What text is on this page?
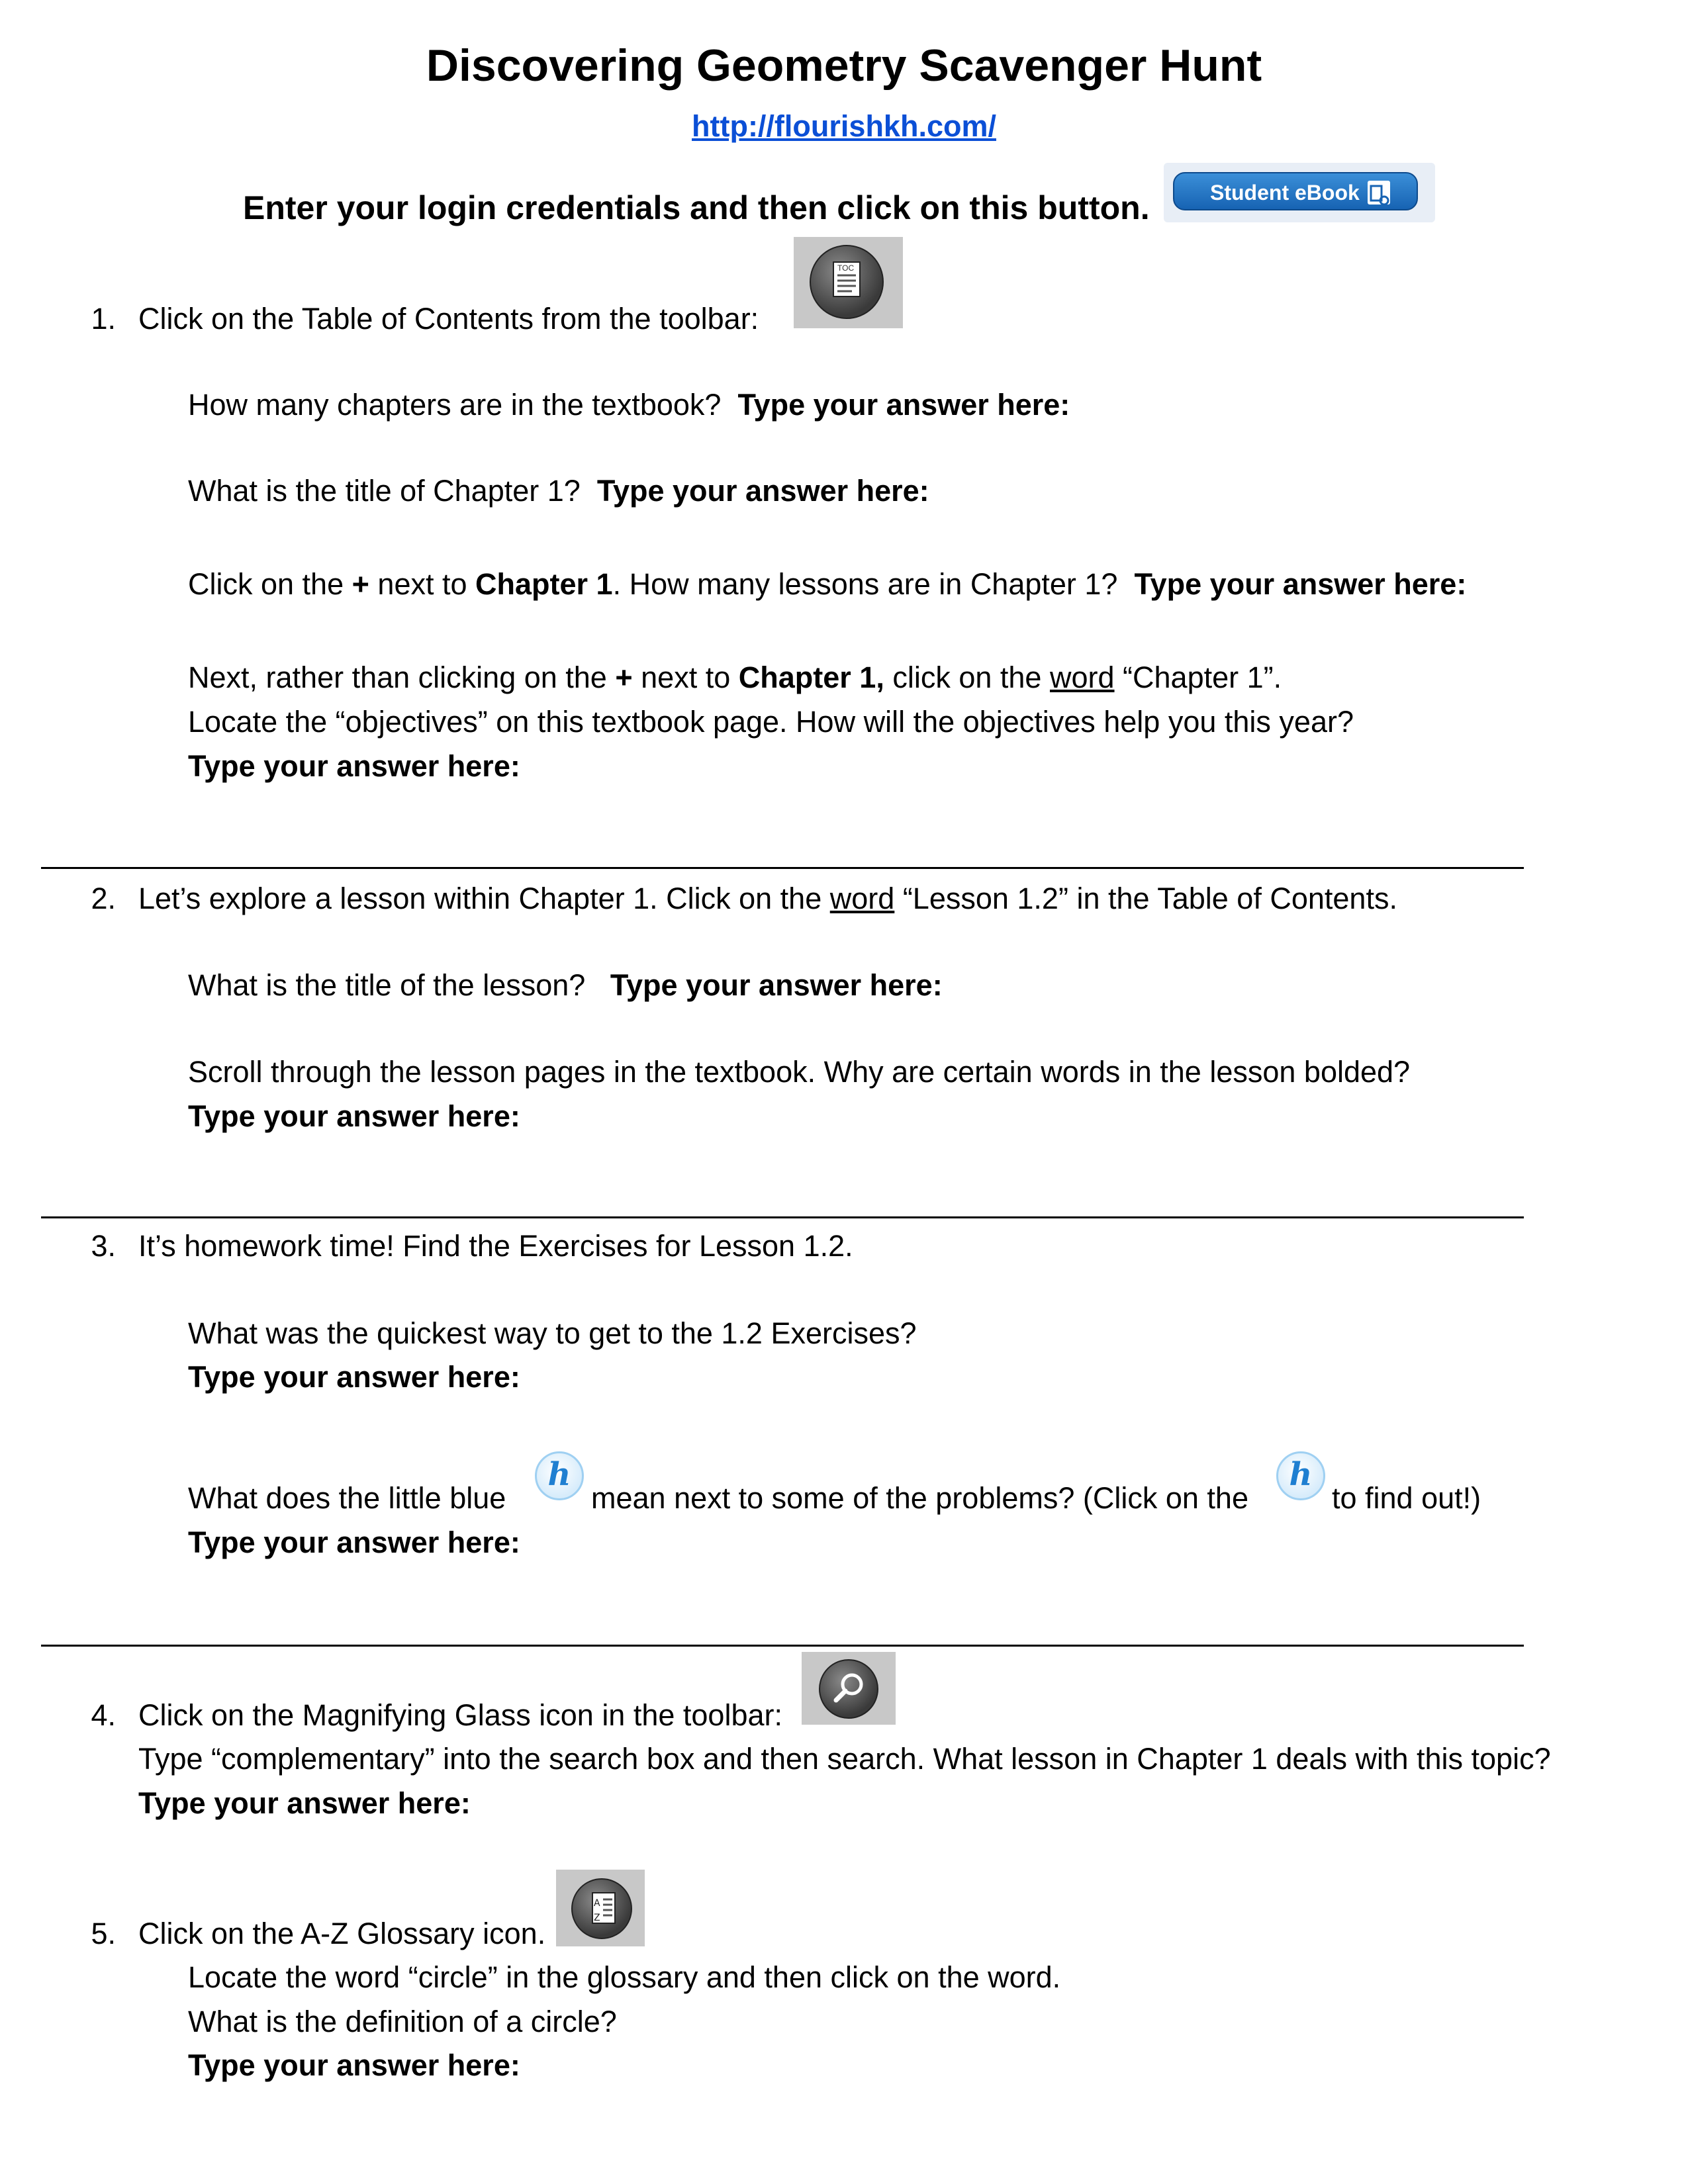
Discovering Geometry Scavenger Hunt
http://flourishkh.com/
Enter your login credentials and then click on this button.	Student eBook
1. Click on the Table of Contents from the toolbar:
TOC
How many chapters are in the textbook? Type your answer here:
What is the title of Chapter 1? Type your answer here:
Click on the + next to Chapter 1. How many lessons are in Chapter 1? Type your answer here:
Next, rather than clicking on the + next to Chapter 1, click on the word “Chapter 1”.
Locate the “objectives” on this textbook page. How will the objectives help you this year?
Type your answer here:
2. Let’s explore a lesson within Chapter 1. Click on the word “Lesson 1.2” in the Table of Contents.
What is the title of the lesson? Type your answer here:
Scroll through the lesson pages in the textbook. Why are certain words in the lesson bolded?
Type your answer here:
3. It’s homework time! Find the Exercises for Lesson 1.2.
What was the quickest way to get to the 1.2 Exercises?
Type your answer here:
What does the little blue
h
mean next to some of the problems? (Click on the
h
to find out!)
Type your answer here:
4. Click on the Magnifying Glass icon in the toolbar:
Type “complementary” into the search box and then search. What lesson in Chapter 1 deals with this topic?
Type your answer here:
A
Z
5. Click on the A-Z Glossary icon.
Locate the word “circle” in the glossary and then click on the word.
What is the definition of a circle?
Type your answer here:
